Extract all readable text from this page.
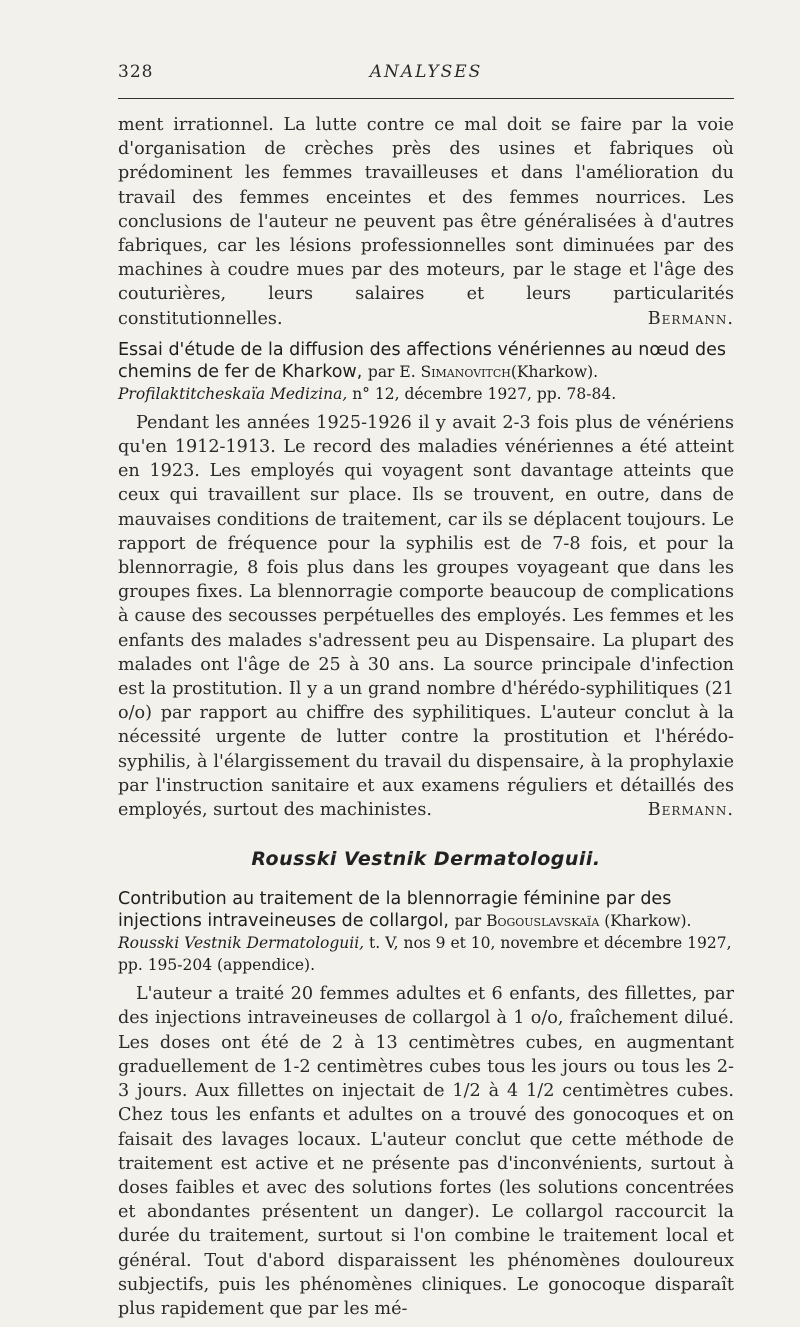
328	ANALYSES

ment irrationnel. La lutte contre ce mal doit se faire par la voie d'organisation de crèches près des usines et fabriques où prédominent les femmes travailleuses et dans l'amélioration du travail des femmes enceintes et des femmes nourrices. Les conclusions de l'auteur ne peuvent pas être généralisées à d'autres fabriques, car les lésions professionnelles sont diminuées par des machines à coudre mues par des moteurs, par le stage et l'âge des couturières, leurs salaires et leurs particularités constitutionnelles.	Bermann.

Essai d'étude de la diffusion des affections vénériennes au nœud des chemins de fer de Kharkow, par E. Simanovitch(Kharkow). Profilaktitcheskaïa Medizina, n° 12, décembre 1927, pp. 78-84.

Pendant les années 1925-1926 il y avait 2-3 fois plus de vénériens qu'en 1912-1913. Le record des maladies vénériennes a été atteint en 1923. Les employés qui voyagent sont davantage atteints que ceux qui travaillent sur place. Ils se trouvent, en outre, dans de mauvaises conditions de traitement, car ils se déplacent toujours. Le rapport de fréquence pour la syphilis est de 7-8 fois, et pour la blennorragie, 8 fois plus dans les groupes voyageant que dans les groupes fixes. La blennorragie comporte beaucoup de complications à cause des secousses perpétuelles des employés. Les femmes et les enfants des malades s'adressent peu au Dispensaire. La plupart des malades ont l'âge de 25 à 30 ans. La source principale d'infection est la prostitution. Il y a un grand nombre d'hérédo-syphilitiques (21 o/o) par rapport au chiffre des syphilitiques. L'auteur conclut à la nécessité urgente de lutter contre la prostitution et l'hérédo-syphilis, à l'élargissement du travail du dispensaire, à la prophylaxie par l'instruction sanitaire et aux examens réguliers et détaillés des employés, surtout des machinistes.	Bermann.

Rousski Vestnik Dermatologuii.
Contribution au traitement de la blennorragie féminine par des injections intraveineuses de collargol, par Bogouslavskaïa (Kharkow). Rousski Vestnik Dermatologuii, t. V, nos 9 et 10, novembre et décembre 1927, pp. 195-204 (appendice).

L'auteur a traité 20 femmes adultes et 6 enfants, des fillettes, par des injections intraveineuses de collargol à 1 o/o, fraîchement dilué. Les doses ont été de 2 à 13 centimètres cubes, en augmentant graduellement de 1-2 centimètres cubes tous les jours ou tous les 2-3 jours. Aux fillettes on injectait de 1/2 à 4 1/2 centimètres cubes. Chez tous les enfants et adultes on a trouvé des gonocoques et on faisait des lavages locaux. L'auteur conclut que cette méthode de traitement est active et ne présente pas d'inconvénients, surtout à doses faibles et avec des solutions fortes (les solutions concentrées et abondantes présentent un danger). Le collargol raccourcit la durée du traitement, surtout si l'on combine le traitement local et général. Tout d'abord disparaissent les phénomènes douloureux subjectifs, puis les phénomènes cliniques. Le gonocoque disparaît plus rapidement que par les mé-
